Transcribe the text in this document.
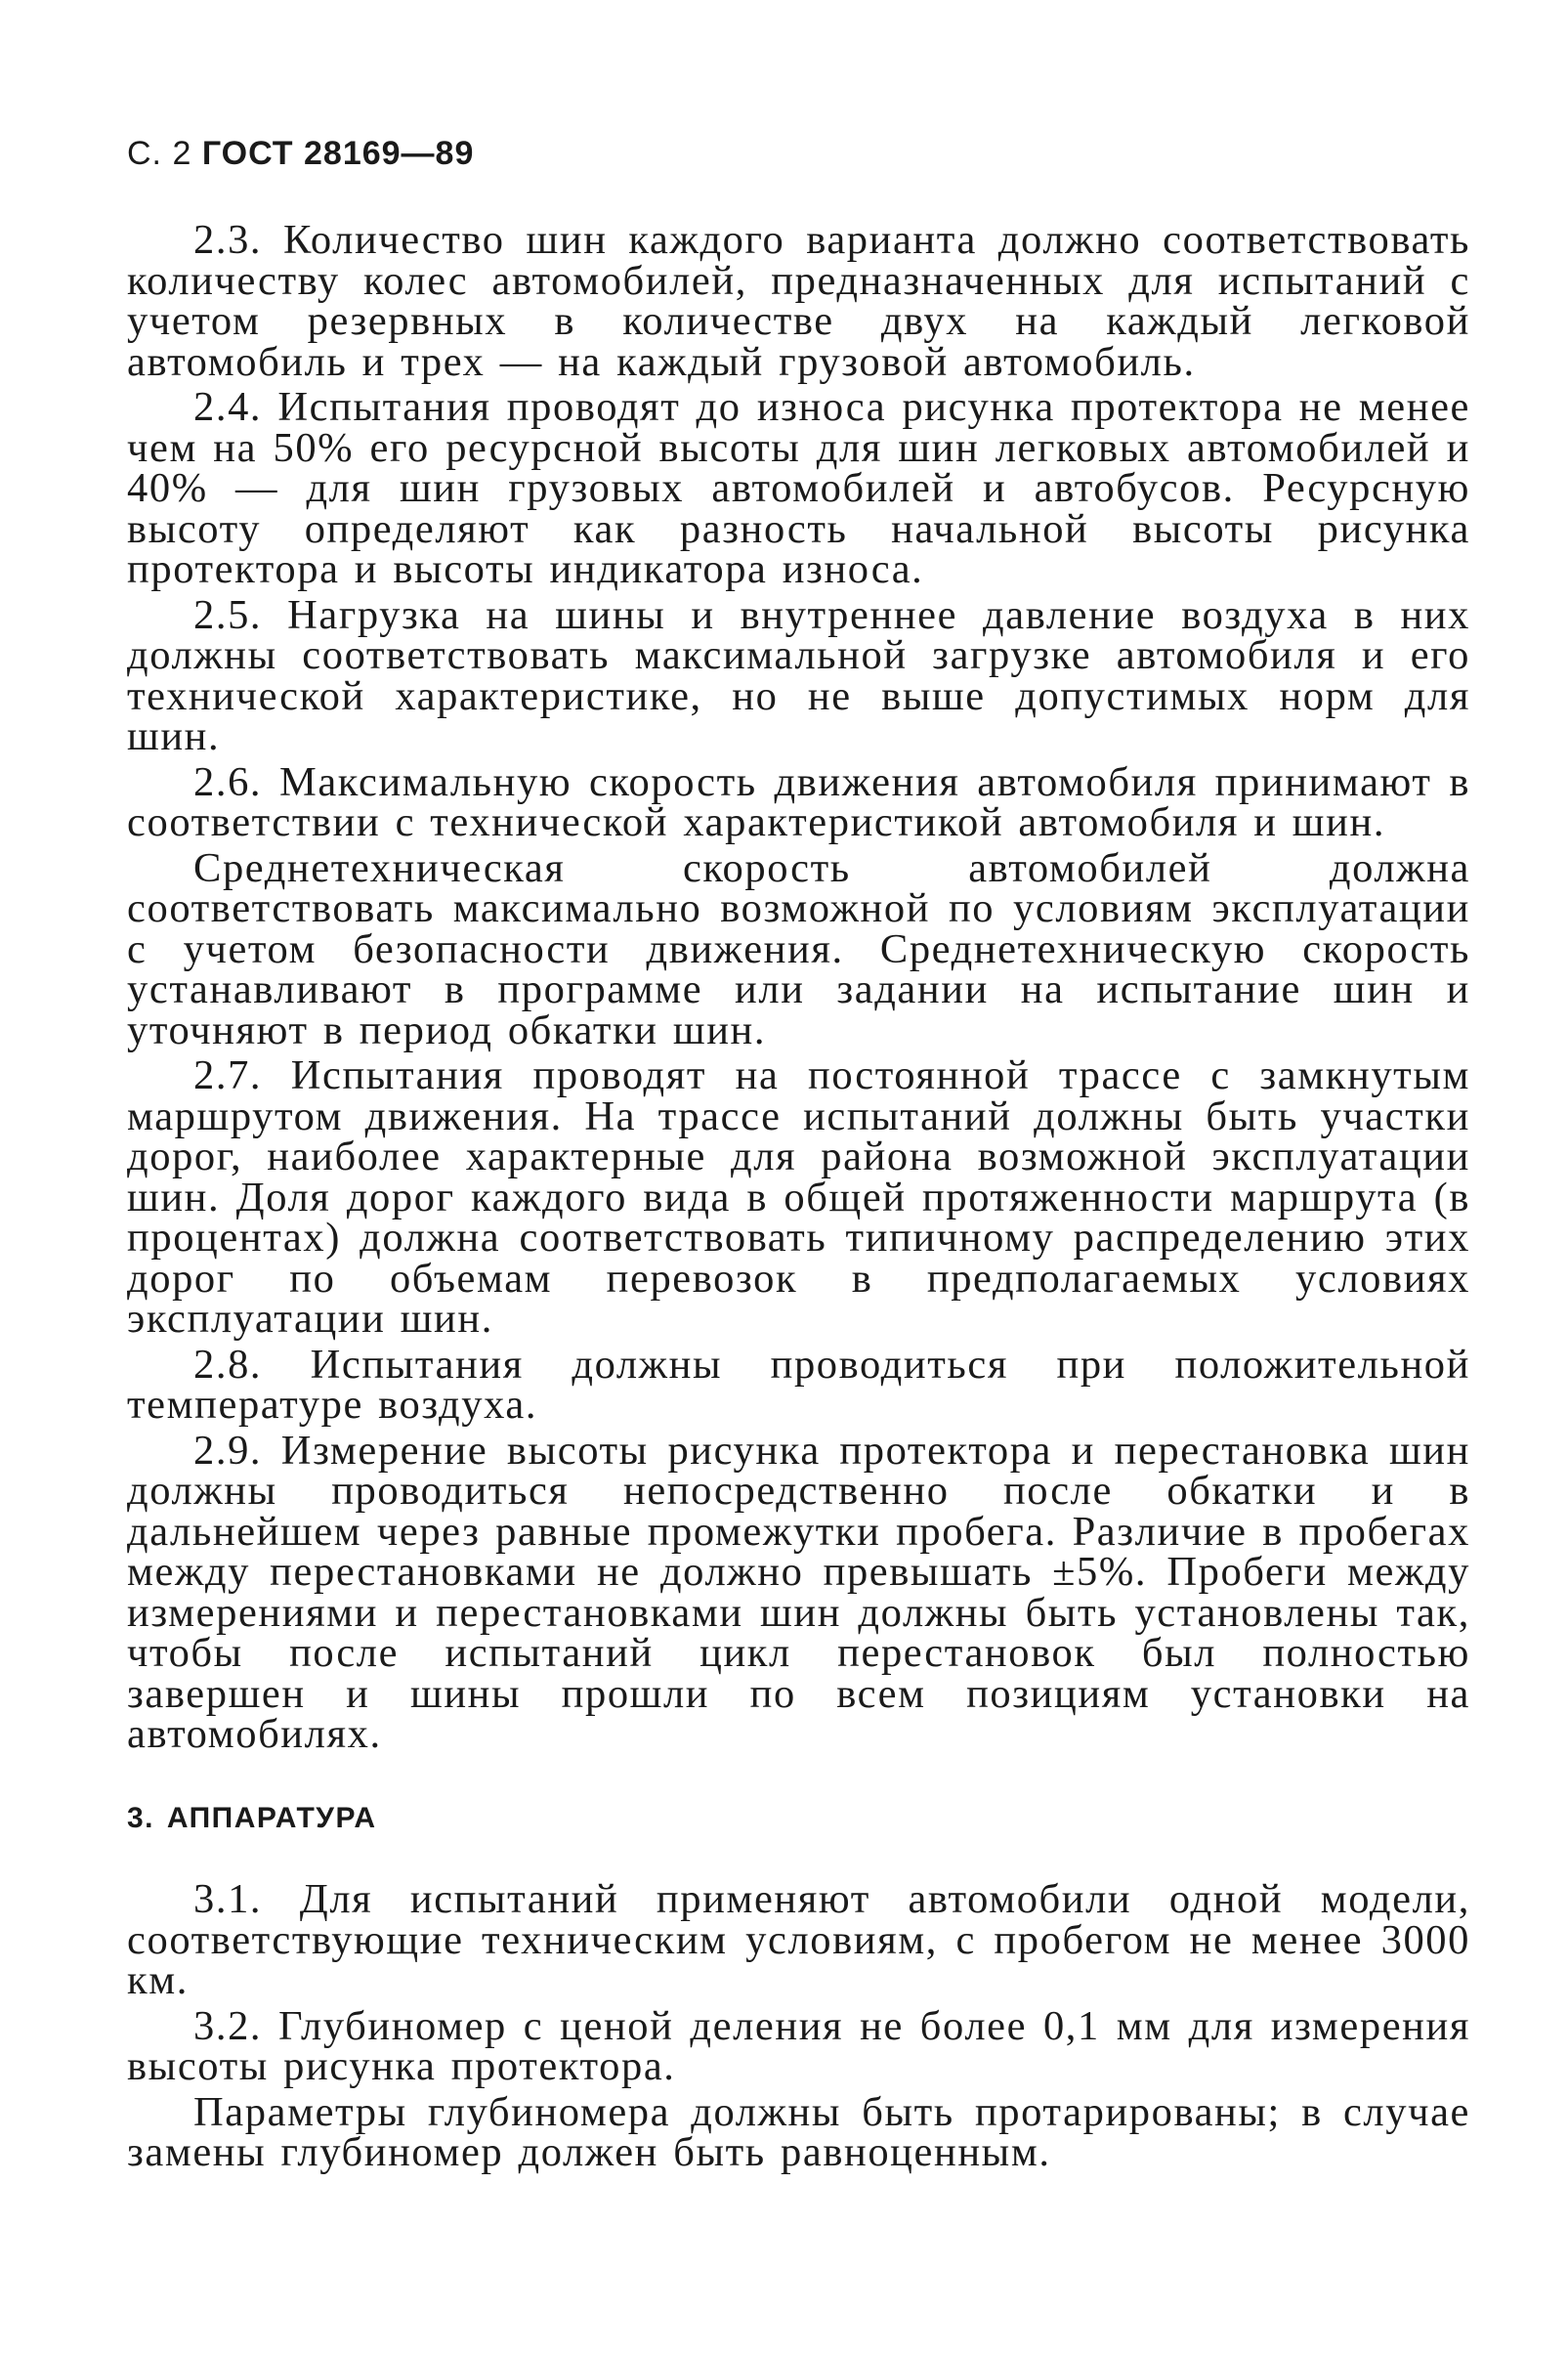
С. 2 ГОСТ 28169—89

2.3. Количество шин каждого варианта должно соответствовать количеству колес автомобилей, предназначенных для испытаний с учетом резервных в количестве двух на каждый легковой автомобиль и трех — на каждый грузовой автомобиль.

2.4. Испытания проводят до износа рисунка протектора не менее чем на 50% его ресурсной высоты для шин легковых автомобилей и 40% — для шин грузовых автомобилей и автобусов. Ресурсную высоту определяют как разность начальной высоты рисунка протектора и высоты индикатора износа.

2.5. Нагрузка на шины и внутреннее давление воздуха в них должны соответствовать максимальной загрузке автомобиля и его технической характеристике, но не выше допустимых норм для шин.

2.6. Максимальную скорость движения автомобиля принимают в соответствии с технической характеристикой автомобиля и шин.

Среднетехническая скорость автомобилей должна соответствовать максимально возможной по условиям эксплуатации с учетом безопасности движения. Среднетехническую скорость устанавливают в программе или задании на испытание шин и уточняют в период обкатки шин.

2.7. Испытания проводят на постоянной трассе с замкнутым маршрутом движения. На трассе испытаний должны быть участки дорог, наиболее характерные для района возможной эксплуатации шин. Доля дорог каждого вида в общей протяженности маршрута (в процентах) должна соответствовать типичному распределению этих дорог по объемам перевозок в предполагаемых условиях эксплуатации шин.

2.8. Испытания должны проводиться при положительной температуре воздуха.

2.9. Измерение высоты рисунка протектора и перестановка шин должны проводиться непосредственно после обкатки и в дальнейшем через равные промежутки пробега. Различие в пробегах между перестановками не должно превышать ±5%. Пробеги между измерениями и перестановками шин должны быть установлены так, чтобы после испытаний цикл перестановок был полностью завершен и шины прошли по всем позициям установки на автомобилях.

3. АППАРАТУРА

3.1. Для испытаний применяют автомобили одной модели, соответствующие техническим условиям, с пробегом не менее 3000 км.

3.2. Глубиномер с ценой деления не более 0,1 мм для измерения высоты рисунка протектора.

Параметры глубиномера должны быть протарированы; в случае замены глубиномер должен быть равноценным.
